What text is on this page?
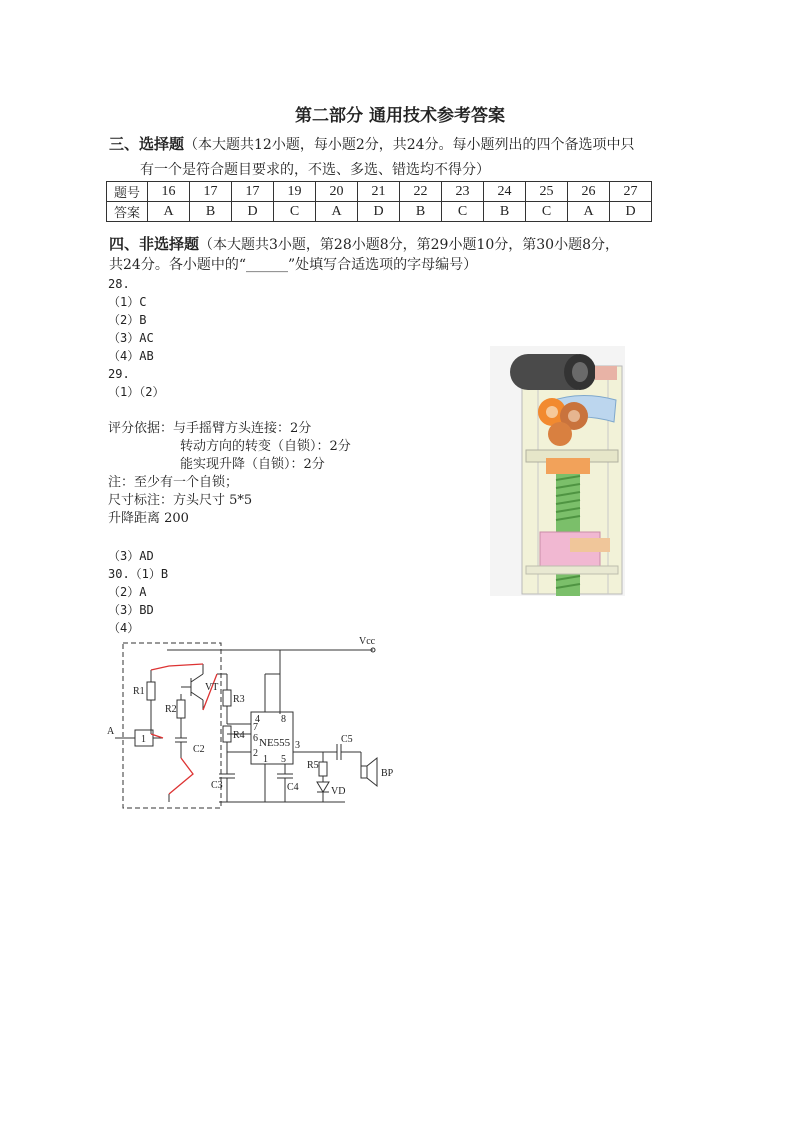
第二部分 通用技术参考答案
三、选择题（本大题共12小题，每小题2分，共24分。每小题列出的四个备选项中只
有一个是符合题目要求的，不选、多选、错选均不得分）
题号	16	17	17	19	20	21	22	23	24	25	26	27
答案	A	B	D	C	A	D	B	C	B	C	A	D
四、非选择题（本大题共3小题，第28小题8分，第29小题10分，第30小题8分，
共24分。各小题中的“______”处填写合适选项的字母编号）
28.
（1）C
（2）B
（3）AC
（4）AB
29.
（1）（2）
评分依据：与手摇臂方头连接：2分
转动方向的转变（自锁）：2分
能实现升降（自锁）：2分
注：至少有一个自锁；
尺寸标注：方头尺寸 5*5
升降距离 200
（3）AD
30.（1）B
（2）A
（3）BD
（4）
Vcc
R1
R2
VT
A
1
C2
R3
R4
4 8
7
6
2
1 5
3
NE555
C3	C4
C5
R5
VD
BP
